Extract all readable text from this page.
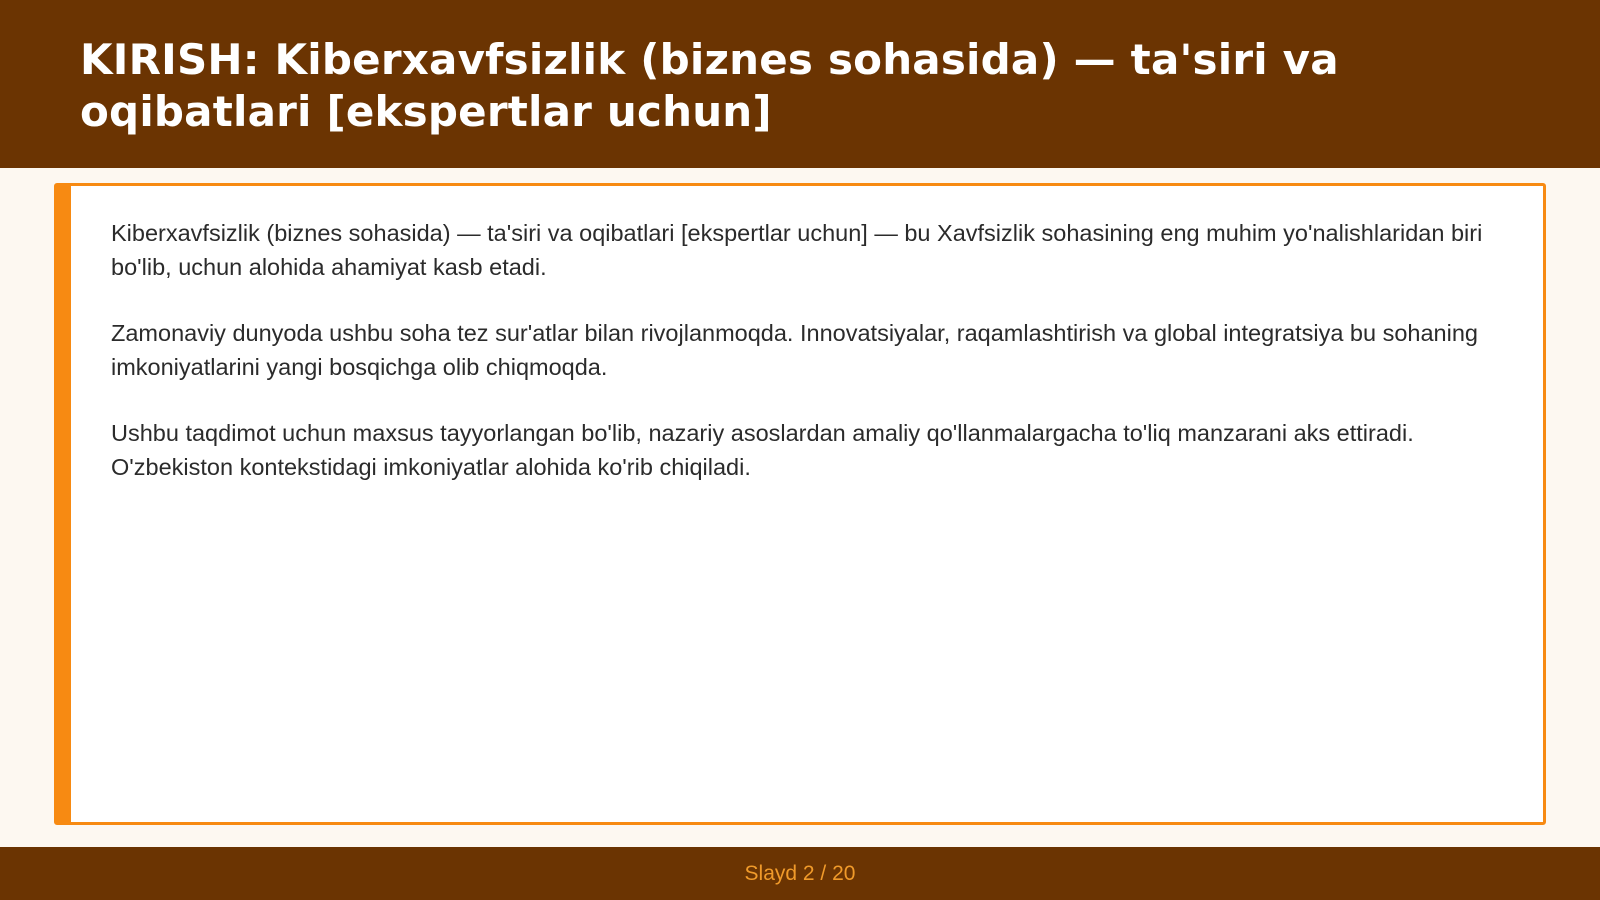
KIRISH: Kiberxavfsizlik (biznes sohasida) — ta'siri va oqibatlari [ekspertlar uchun]

Kiberxavfsizlik (biznes sohasida) — ta'siri va oqibatlari [ekspertlar uchun] — bu Xavfsizlik sohasining eng muhim yo'nalishlaridan biri bo'lib, uchun alohida ahamiyat kasb etadi.

Zamonaviy dunyoda ushbu soha tez sur'atlar bilan rivojlanmoqda. Innovatsiyalar, raqamlashtirish va global integratsiya bu sohaning imkoniyatlarini yangi bosqichga olib chiqmoqda.

Ushbu taqdimot uchun maxsus tayyorlangan bo'lib, nazariy asoslardan amaliy qo'llanmalargacha to'liq manzarani aks ettiradi. O'zbekiston kontekstidagi imkoniyatlar alohida ko'rib chiqiladi.

Slayd 2 / 20
